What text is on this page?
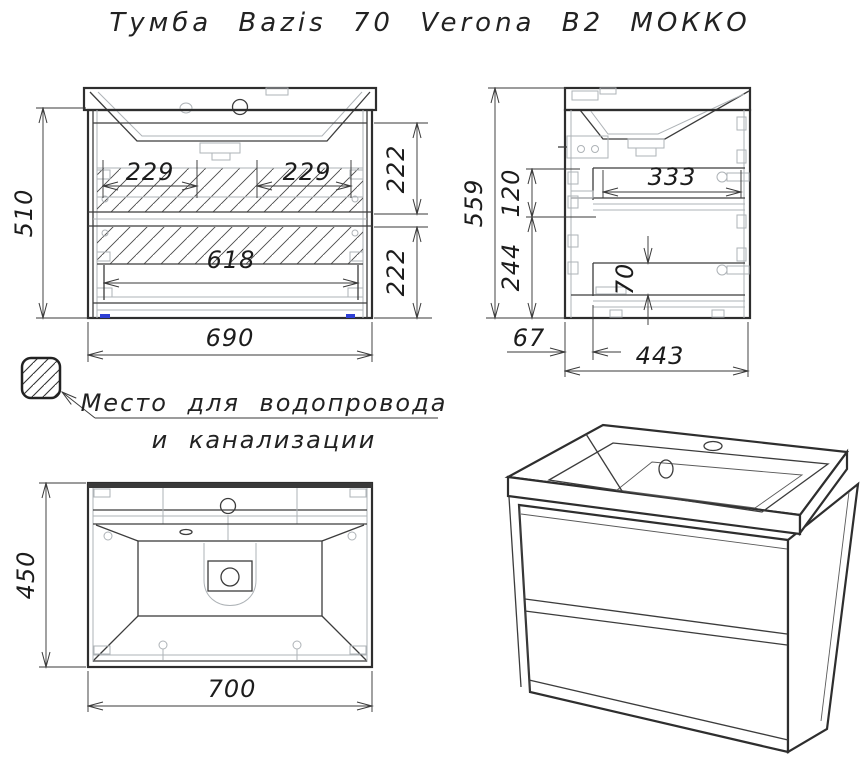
Тумба Bazis 70 Verona B2 МОККО
510
229	229
618
222
222
690
559 120
244
333
70
67
443
Место для водопровода
и канализации
450
700
